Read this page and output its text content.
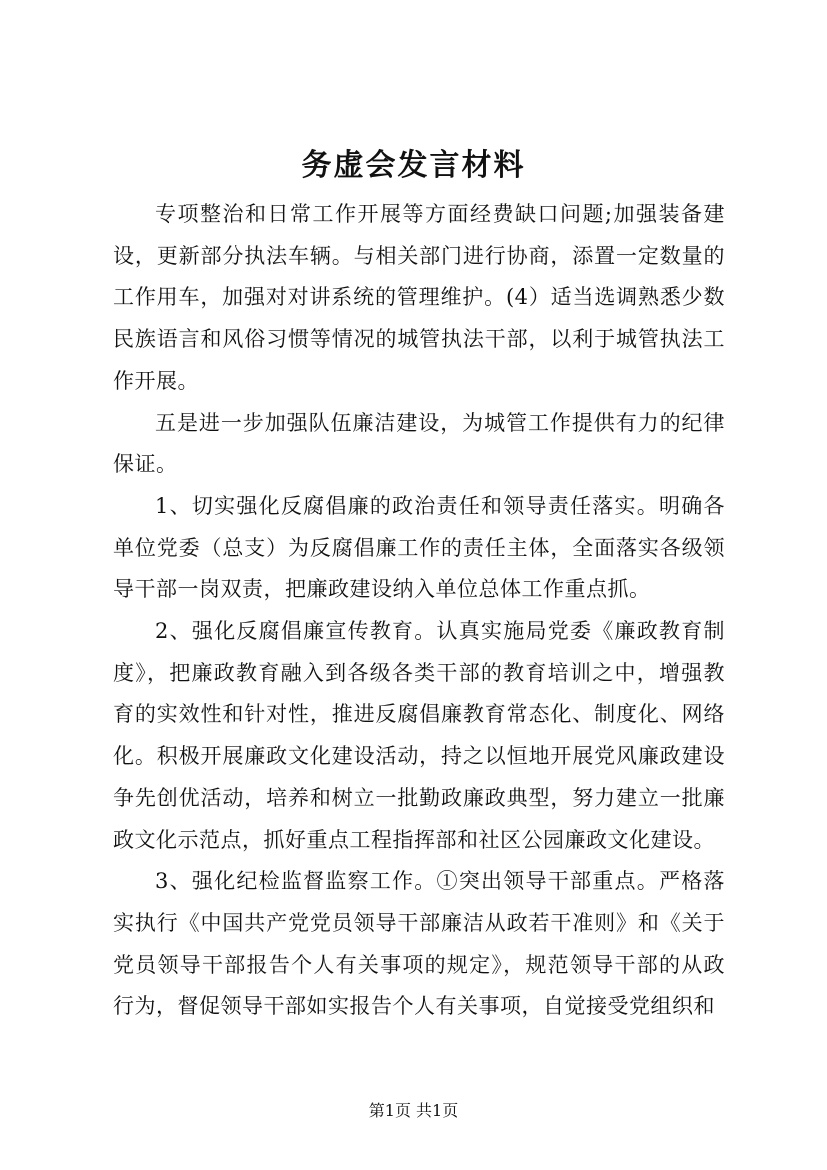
务虚会发言材料

专项整治和日常工作开展等方面经费缺口问题;加强装备建设，更新部分执法车辆。与相关部门进行协商，添置一定数量的工作用车，加强对对讲系统的管理维护。(4）适当选调熟悉少数民族语言和风俗习惯等情况的城管执法干部，以利于城管执法工作开展。

五是进一步加强队伍廉洁建设，为城管工作提供有力的纪律保证。

1、切实强化反腐倡廉的政治责任和领导责任落实。明确各单位党委（总支）为反腐倡廉工作的责任主体，全面落实各级领导干部一岗双责，把廉政建设纳入单位总体工作重点抓。

2、强化反腐倡廉宣传教育。认真实施局党委《廉政教育制度》，把廉政教育融入到各级各类干部的教育培训之中，增强教育的实效性和针对性，推进反腐倡廉教育常态化、制度化、网络化。积极开展廉政文化建设活动，持之以恒地开展党风廉政建设争先创优活动，培养和树立一批勤政廉政典型，努力建立一批廉政文化示范点，抓好重点工程指挥部和社区公园廉政文化建设。

3、强化纪检监督监察工作。①突出领导干部重点。严格落实执行《中国共产党党员领导干部廉洁从政若干准则》和《关于党员领导干部报告个人有关事项的规定》，规范领导干部的从政行为，督促领导干部如实报告个人有关事项，自觉接受党组织和

第1页 共1页
